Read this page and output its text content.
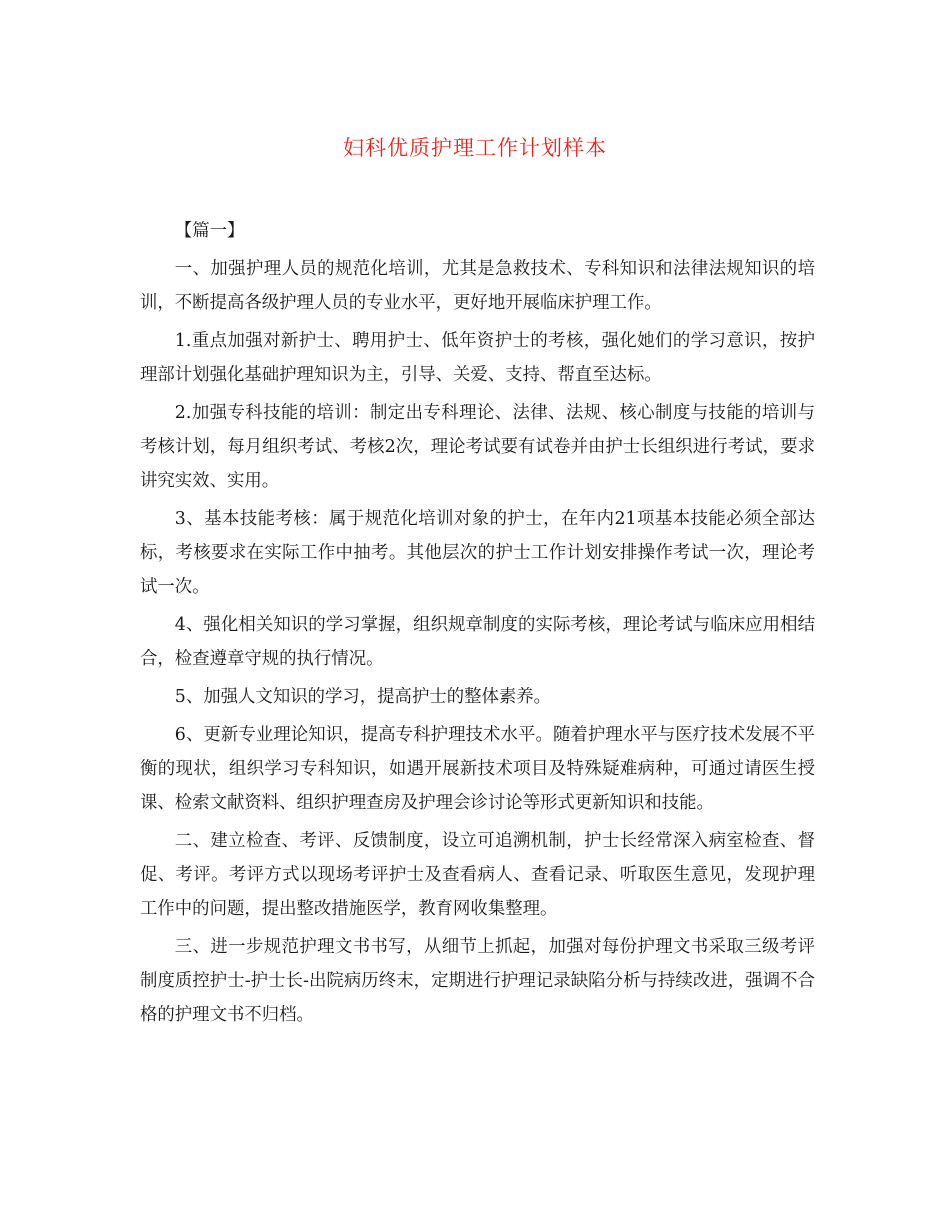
妇科优质护理工作计划样本

【篇一】

一、加强护理人员的规范化培训，尤其是急救技术、专科知识和法律法规知识的培训，不断提高各级护理人员的专业水平，更好地开展临床护理工作。

1.重点加强对新护士、聘用护士、低年资护士的考核，强化她们的学习意识，按护理部计划强化基础护理知识为主，引导、关爱、支持、帮直至达标。

2.加强专科技能的培训：制定出专科理论、法律、法规、核心制度与技能的培训与考核计划，每月组织考试、考核2次，理论考试要有试卷并由护士长组织进行考试，要求讲究实效、实用。

3、基本技能考核：属于规范化培训对象的护士，在年内21项基本技能必须全部达标，考核要求在实际工作中抽考。其他层次的护士工作计划安排操作考试一次，理论考试一次。

4、强化相关知识的学习掌握，组织规章制度的实际考核，理论考试与临床应用相结合，检查遵章守规的执行情况。

5、加强人文知识的学习，提高护士的整体素养。

6、更新专业理论知识，提高专科护理技术水平。随着护理水平与医疗技术发展不平衡的现状，组织学习专科知识，如遇开展新技术项目及特殊疑难病种，可通过请医生授课、检索文献资料、组织护理查房及护理会诊讨论等形式更新知识和技能。

二、建立检查、考评、反馈制度，设立可追溯机制，护士长经常深入病室检查、督促、考评。考评方式以现场考评护士及查看病人、查看记录、听取医生意见，发现护理工作中的问题，提出整改措施医学，教育网收集整理。

三、进一步规范护理文书书写，从细节上抓起，加强对每份护理文书采取三级考评制度质控护士-护士长-出院病历终末，定期进行护理记录缺陷分析与持续改进，强调不合格的护理文书不归档。
